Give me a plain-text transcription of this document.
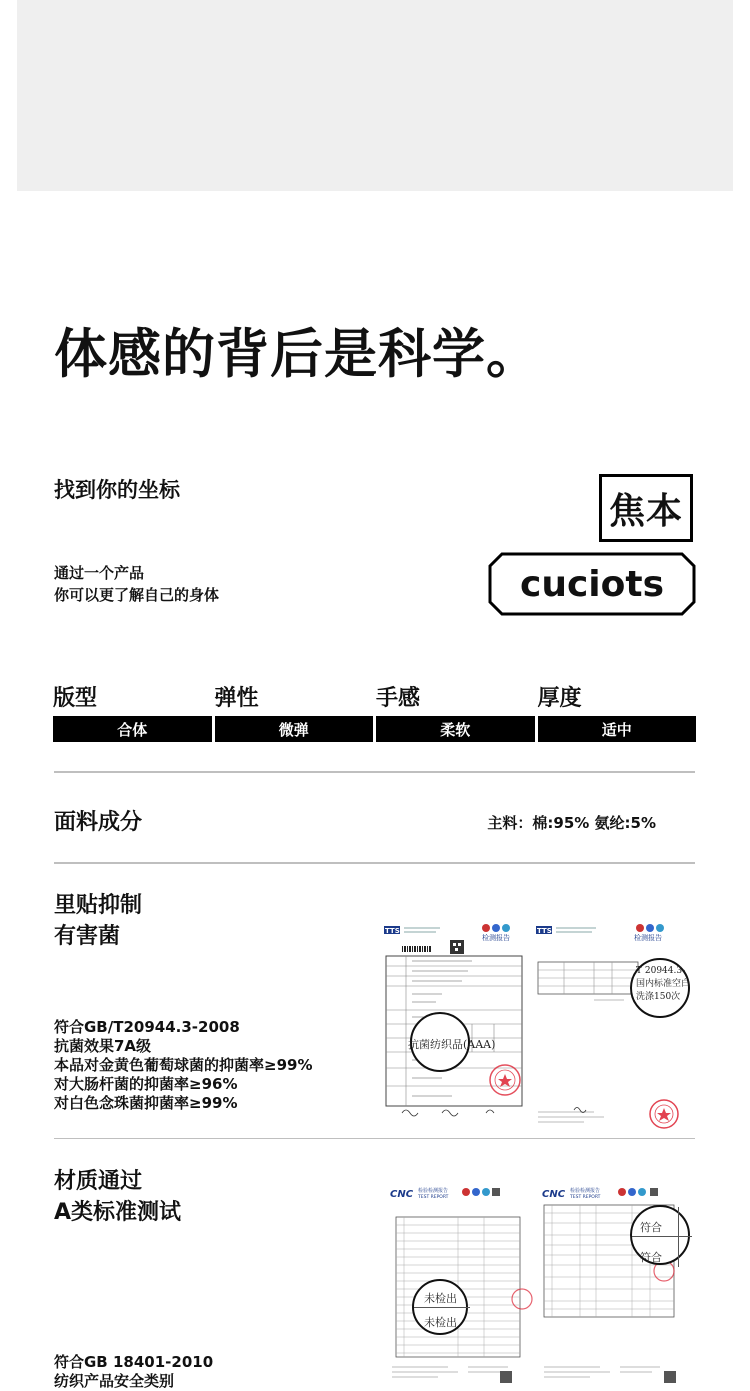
体感的背后是科学。
找到你的坐标
通过一个产品
你可以更了解自己的身体
焦本
cuciots
版型
合体
弹性
微弹
手感
柔软
厚度
适中
面料成分	主料：棉:95% 氨纶:5%
里贴抑制
有害菌
符合GB/T20944.3-2008
抗菌效果7A级
本品对金黄色葡萄球菌的抑菌率≥99%
对大肠杆菌的抑菌率≥96%
对白色念珠菌抑菌率≥99%
TTS
检测报告
抗菌纺织品(AAA)
TTS
检测报告
T 20944.3-
国内标准空白
洗涤150次
材质通过
A类标准测试
符合GB 18401-2010
纺织产品安全类别
CNC 检验检测报告
TEST REPORT
未检出
未检出
CNC 检验检测报告
TEST REPORT
符合
符合
